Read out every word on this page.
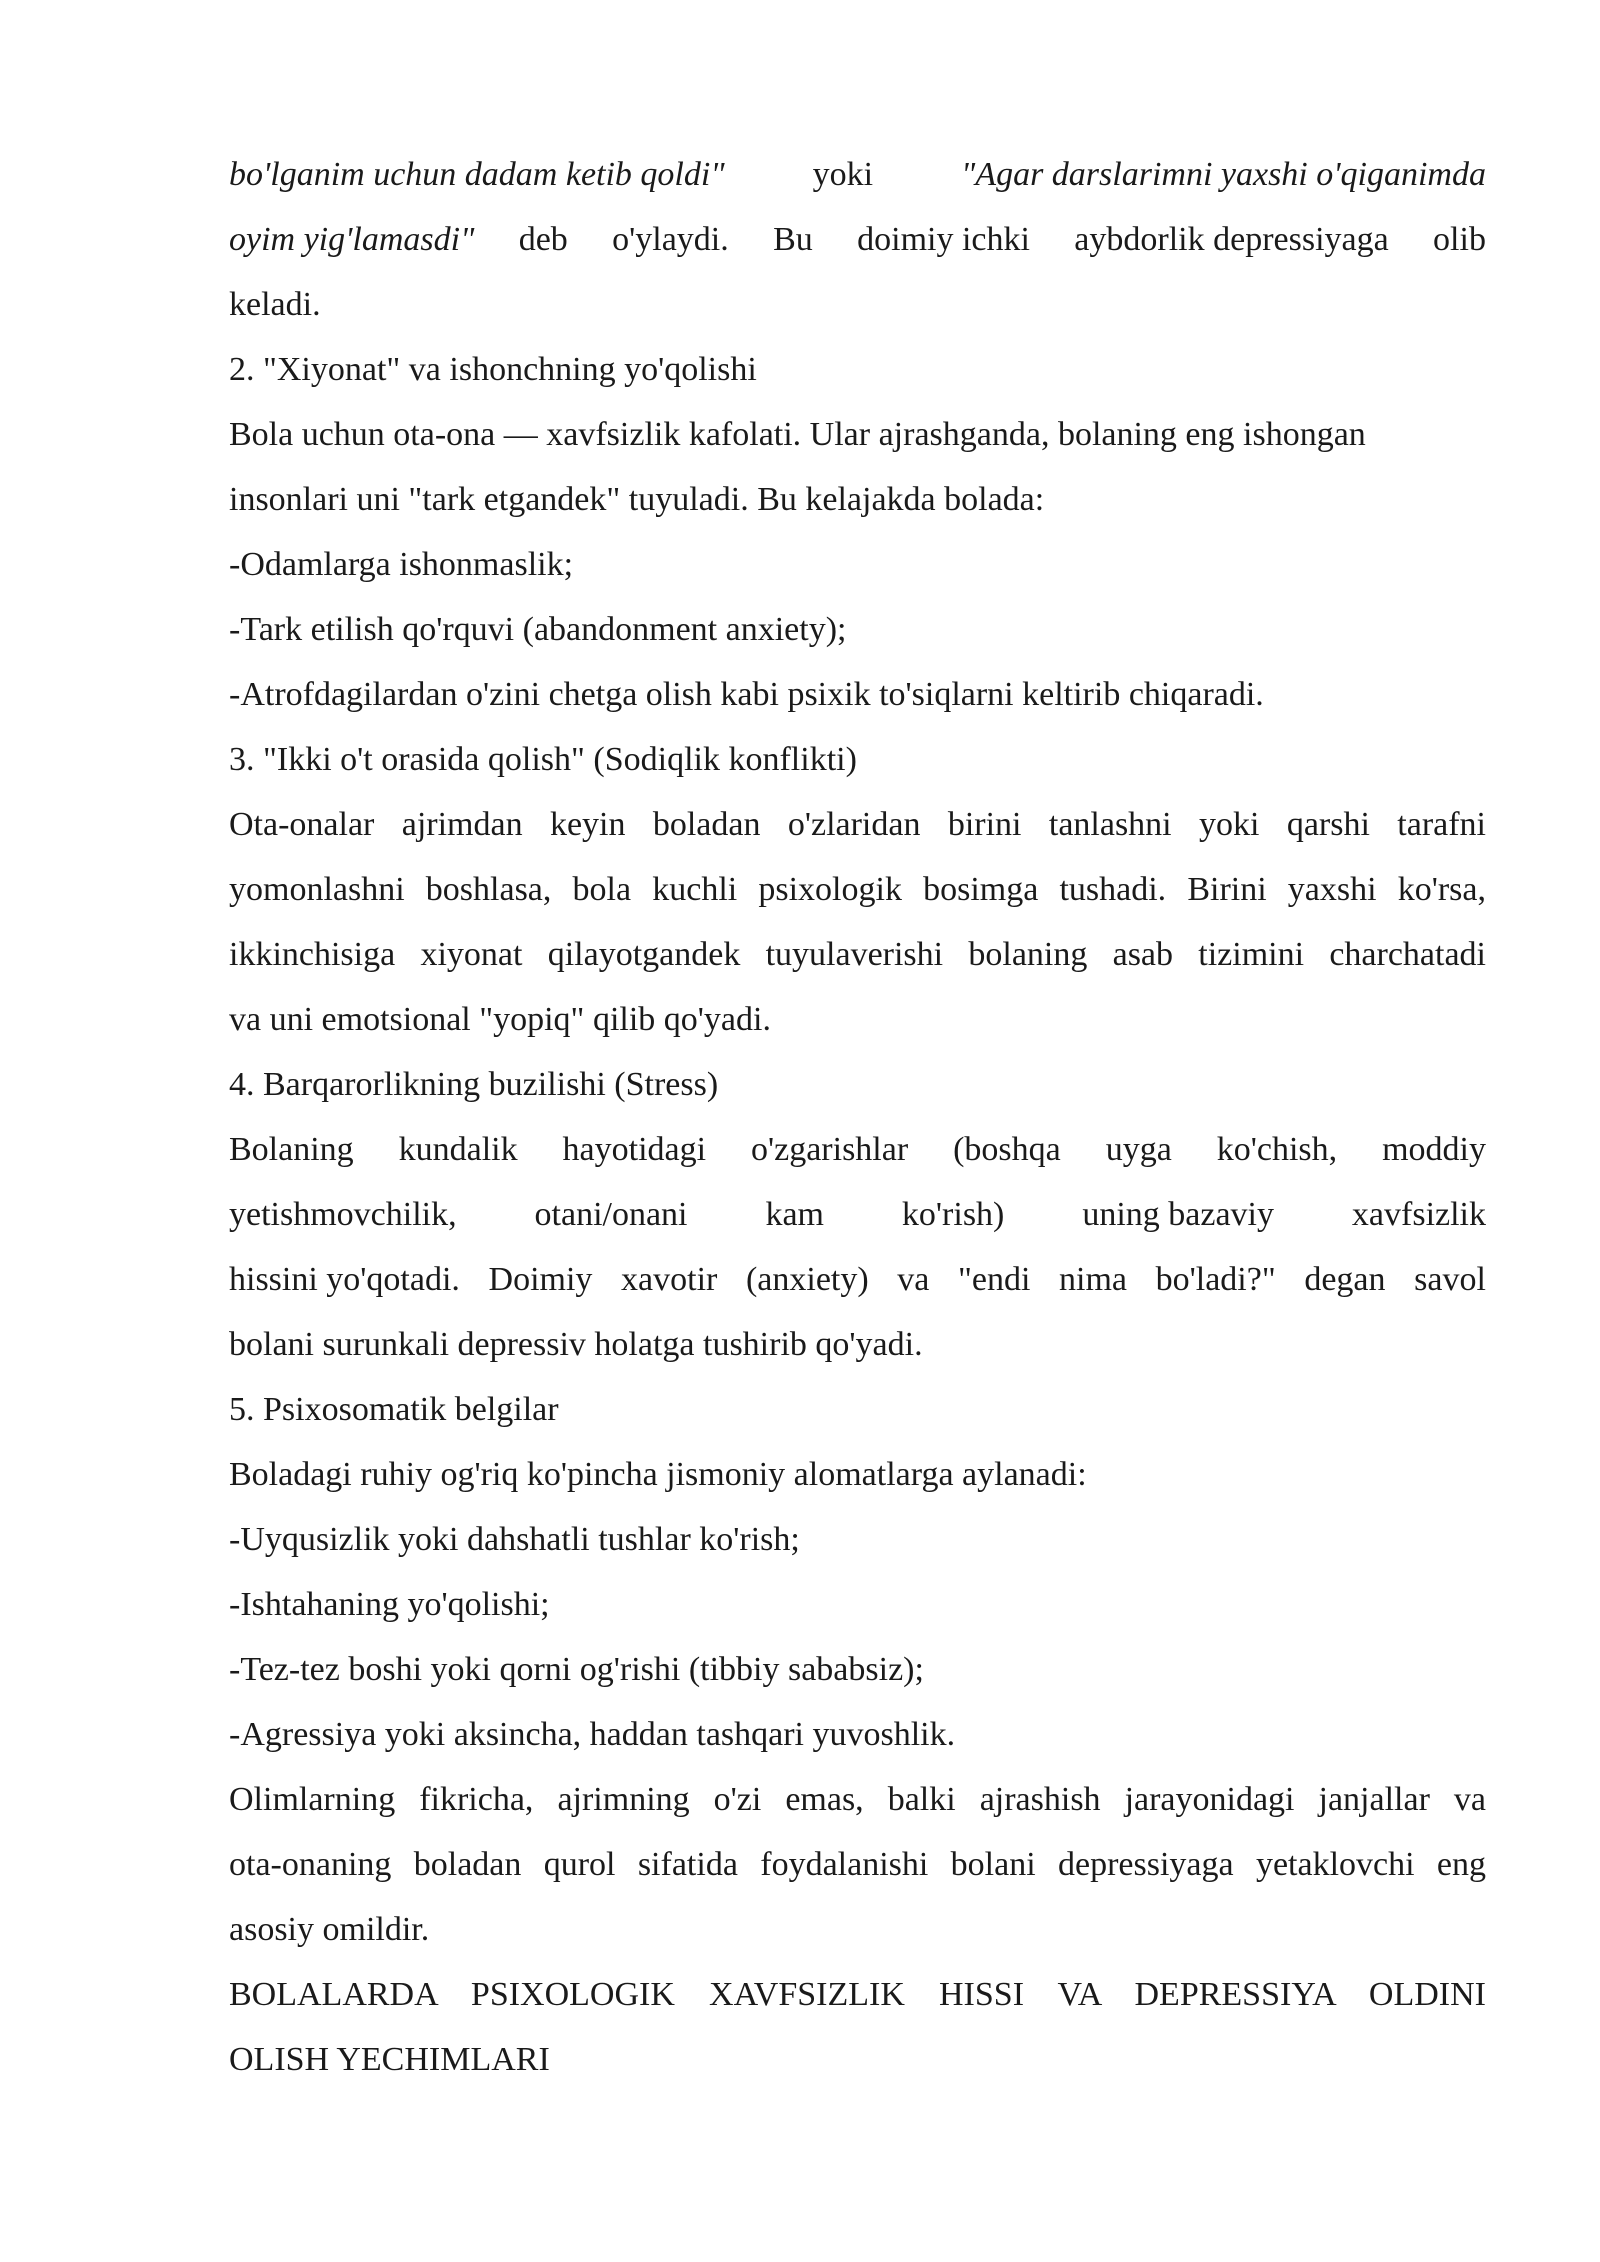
bo'lganim uchun dadam ketib qoldi"	yoki	"Agar darslarimni yaxshi o'qiganimda
oyim yig'lamasdi" deb o'ylaydi. Bu doimiy ichki aybdorlik depressiyaga olib
keladi.
2. "Xiyonat" va ishonchning yo'qolishi
Bola uchun ota-ona — xavfsizlik kafolati. Ular ajrashganda, bolaning eng ishongan
insonlari uni "tark etgandek" tuyuladi. Bu kelajakda bolada:
-Odamlarga ishonmaslik;
-Tark etilish qo'rquvi (abandonment anxiety);
-Atrofdagilardan o'zini chetga olish kabi psixik to'siqlarni keltirib chiqaradi.
3. "Ikki o't orasida qolish" (Sodiqlik konflikti)
Ota-onalar ajrimdan keyin boladan o'zlaridan birini tanlashni yoki qarshi tarafni
yomonlashni boshlasa, bola kuchli psixologik bosimga tushadi. Birini yaxshi ko'rsa,
ikkinchisiga xiyonat qilayotgandek tuyulaverishi bolaning asab tizimini charchatadi
va uni emotsional "yopiq" qilib qo'yadi.
4. Barqarorlikning buzilishi (Stress)
Bolaning kundalik hayotidagi o'zgarishlar (boshqa uyga ko'chish, moddiy
yetishmovchilik, otani/onani kam ko'rish) uning bazaviy xavfsizlik
hissini yo'qotadi. Doimiy xavotir (anxiety) va "endi nima bo'ladi?" degan savol
bolani surunkali depressiv holatga tushirib qo'yadi.
5. Psixosomatik belgilar
Boladagi ruhiy og'riq ko'pincha jismoniy alomatlarga aylanadi:
-Uyqusizlik yoki dahshatli tushlar ko'rish;
-Ishtahaning yo'qolishi;
-Tez-tez boshi yoki qorni og'rishi (tibbiy sababsiz);
-Agressiya yoki aksincha, haddan tashqari yuvoshlik.
Olimlarning fikricha, ajrimning o'zi emas, balki ajrashish jarayonidagi janjallar va
ota-onaning boladan qurol sifatida foydalanishi bolani depressiyaga yetaklovchi eng
asosiy omildir.
BOLALARDA PSIXOLOGIK XAVFSIZLIK HISSI VA DEPRESSIYA OLDINI
OLISH YECHIMLARI
